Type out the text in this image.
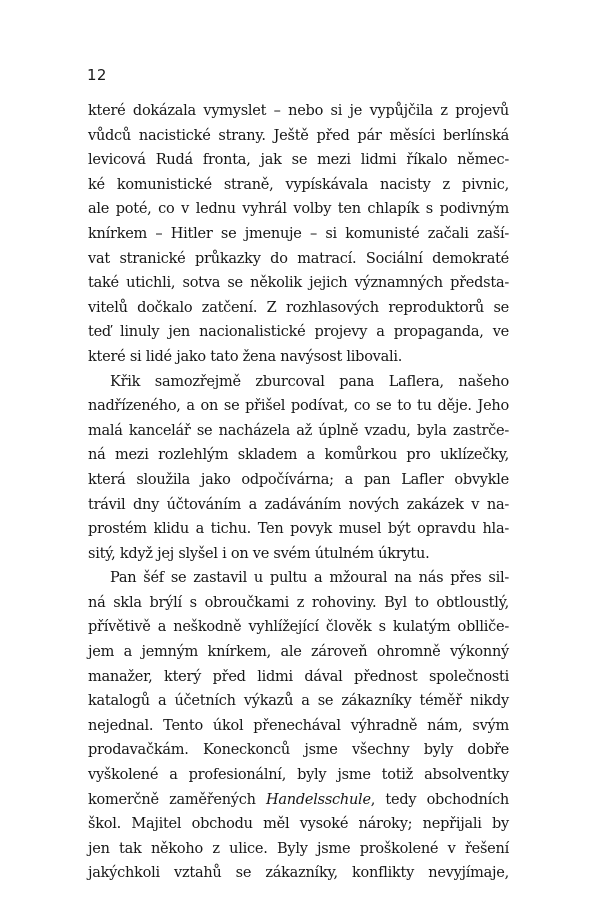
12
které dokázala vymyslet – nebo si je vypůjčila z projevů
vůdců nacistické strany. Ještě před pár měsíci berlínská
levicová Rudá fronta, jak se mezi lidmi říkalo němec-
ké komunistické straně, vypískávala nacisty z pivnic,
ale poté, co v lednu vyhrál volby ten chlapík s podivným
knírkem – Hitler se jmenuje – si komunisté začali zaší-
vat stranické průkazky do matrací. Sociální demokraté
také utichli, sotva se několik jejich významných předsta-
vitelů dočkalo zatčení. Z rozhlasových reproduktorů se
teď linuly jen nacionalistické projevy a propaganda, ve
které si lidé jako tato žena navýsost libovali.
Křik samozřejmě zburcoval pana Laflera, našeho
nadřízeného, a on se přišel podívat, co se to tu děje. Jeho
malá kancelář se nacházela až úplně vzadu, byla zastrče-
ná mezi rozlehlým skladem a komůrkou pro uklízečky,
která sloužila jako odpočívárna; a pan Lafler obvykle
trávil dny účtováním a zadáváním nových zakázek v na-
prostém klidu a tichu. Ten povyk musel být opravdu hla-
sitý, když jej slyšel i on ve svém útulném úkrytu.
Pan šéf se zastavil u pultu a mžoural na nás přes sil-
ná skla brýlí s obroučkami z rohoviny. Byl to obtloustlý,
přívětivě a neškodně vyhlížející člověk s kulatým oblliče-
jem a jemným knírkem, ale zároveň ohromně výkonný
manažer, který před lidmi dával přednost společnosti
katalogů a účetních výkazů a se zákazníky téměř nikdy
nejednal. Tento úkol přenechával výhradně nám, svým
prodavačkám. Koneckonců jsme všechny byly dobře
vyškolené a profesionální, byly jsme totiž absolventky
komerčně zaměřených Handelsschule, tedy obchodních
škol. Majitel obchodu měl vysoké nároky; nepřijali by
jen tak někoho z ulice. Byly jsme proškolené v řešení
jakýchkoli vztahů se zákazníky, konflikty nevyjímaje,
